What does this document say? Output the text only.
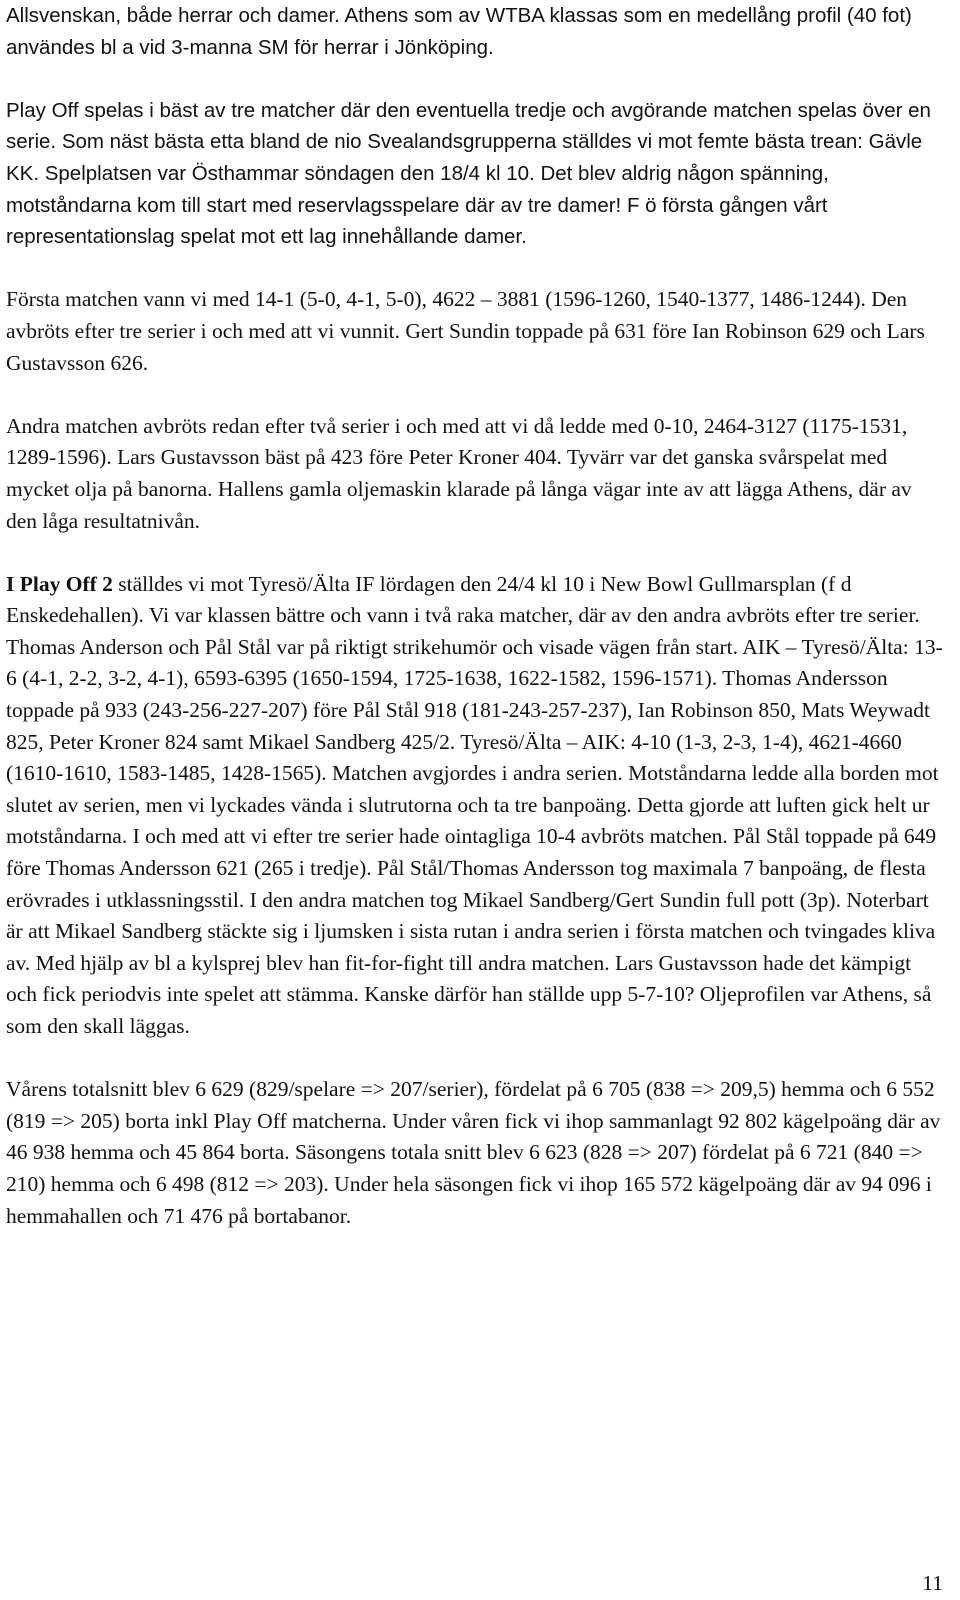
Allsvenskan, både herrar och damer. Athens som av WTBA klassas som en medellång profil (40 fot) användes bl a vid 3-manna SM för herrar i Jönköping.

Play Off spelas i bäst av tre matcher där den eventuella tredje och avgörande matchen spelas över en serie. Som näst bästa etta bland de nio Svealandsgrupperna ställdes vi mot femte bästa trean: Gävle KK. Spelplatsen var Östhammar söndagen den 18/4 kl 10. Det blev aldrig någon spänning, motståndarna kom till start med reservlagsspelare där av tre damer! F ö första gången vårt representationslag spelat mot ett lag innehållande damer.

Första matchen vann vi med 14-1 (5-0, 4-1, 5-0), 4622 – 3881 (1596-1260, 1540-1377, 1486-1244). Den avbröts efter tre serier i och med att vi vunnit. Gert Sundin toppade på 631 före Ian Robinson 629 och Lars Gustavsson 626.

Andra matchen avbröts redan efter två serier i och med att vi då ledde med 0-10, 2464-3127 (1175-1531, 1289-1596). Lars Gustavsson bäst på 423 före Peter Kroner 404. Tyvärr var det ganska svårspelat med mycket olja på banorna. Hallens gamla oljemaskin klarade på långa vägar inte av att lägga Athens, där av den låga resultatnivån.

I Play Off 2 ställdes vi mot Tyresö/Älta IF lördagen den 24/4 kl 10 i New Bowl Gullmarsplan (f d Enskedehallen). Vi var klassen bättre och vann i två raka matcher, där av den andra avbröts efter tre serier. Thomas Anderson och Pål Stål var på riktigt strikehumör och visade vägen från start. AIK – Tyresö/Älta: 13-6 (4-1, 2-2, 3-2, 4-1), 6593-6395 (1650-1594, 1725-1638, 1622-1582, 1596-1571). Thomas Andersson toppade på 933 (243-256-227-207) före Pål Stål 918 (181-243-257-237), Ian Robinson 850, Mats Weywadt 825, Peter Kroner 824 samt Mikael Sandberg 425/2. Tyresö/Älta – AIK: 4-10 (1-3, 2-3, 1-4), 4621-4660 (1610-1610, 1583-1485, 1428-1565). Matchen avgjordes i andra serien. Motståndarna ledde alla borden mot slutet av serien, men vi lyckades vända i slutrutorna och ta tre banpoäng. Detta gjorde att luften gick helt ur motståndarna. I och med att vi efter tre serier hade ointagliga 10-4 avbröts matchen. Pål Stål toppade på 649 före Thomas Andersson 621 (265 i tredje). Pål Stål/Thomas Andersson tog maximala 7 banpoäng, de flesta erövrades i utklassningsstil. I den andra matchen tog Mikael Sandberg/Gert Sundin full pott (3p). Noterbart är att Mikael Sandberg stäckte sig i ljumsken i sista rutan i andra serien i första matchen och tvingades kliva av. Med hjälp av bl a kylsprej blev han fit-for-fight till andra matchen. Lars Gustavsson hade det kämpigt och fick periodvis inte spelet att stämma. Kanske därför han ställde upp 5-7-10? Oljeprofilen var Athens, så som den skall läggas.

Vårens totalsnitt blev 6 629 (829/spelare => 207/serier), fördelat på 6 705 (838 => 209,5) hemma och 6 552 (819 => 205) borta inkl Play Off matcherna. Under våren fick vi ihop sammanlagt 92 802 kägelpoäng där av 46 938 hemma och 45 864 borta. Säsongens totala snitt blev 6 623 (828 => 207) fördelat på 6 721 (840 => 210) hemma och 6 498 (812 => 203). Under hela säsongen fick vi ihop 165 572 kägelpoäng där av 94 096 i hemmahallen och 71 476 på bortabanor.

11
